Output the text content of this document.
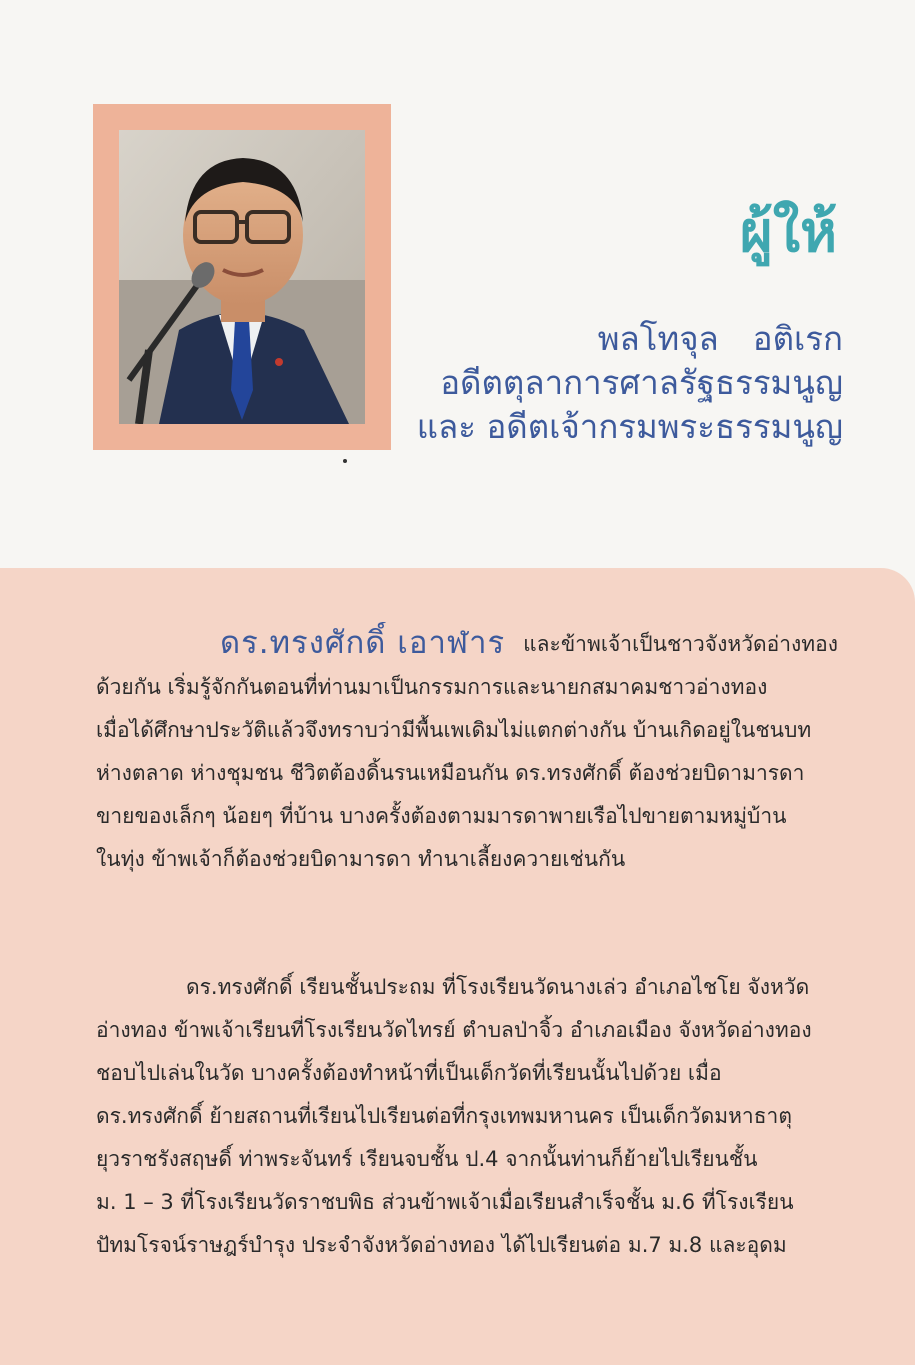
ผู้ให้
พลโทจุล อติเรก
อดีตตุลาการศาลรัฐธรรมนูญ
และ อดีตเจ้ากรมพระธรรมนูญ
ดร.ทรงศักดิ์ เอาฬาร และข้าพเจ้าเป็นชาวจังหวัดอ่างทอง
ด้วยกัน เริ่มรู้จักกันตอนที่ท่านมาเป็นกรรมการและนายกสมาคมชาวอ่างทอง
เมื่อได้ศึกษาประวัติแล้วจึงทราบว่ามีพื้นเพเดิมไม่แตกต่างกัน บ้านเกิดอยู่ในชนบท
ห่างตลาด ห่างชุมชน ชีวิตต้องดิ้นรนเหมือนกัน ดร.ทรงศักดิ์ ต้องช่วยบิดามารดา
ขายของเล็กๆ น้อยๆ ที่บ้าน บางครั้งต้องตามมารดาพายเรือไปขายตามหมู่บ้าน
ในทุ่ง ข้าพเจ้าก็ต้องช่วยบิดามารดา ทำนาเลี้ยงควายเช่นกัน
ดร.ทรงศักดิ์ เรียนชั้นประถม ที่โรงเรียนวัดนางเล่ว อำเภอไชโย จังหวัด
อ่างทอง ข้าพเจ้าเรียนที่โรงเรียนวัดไทรย์ ตำบลป่าจิ้ว อำเภอเมือง จังหวัดอ่างทอง
ชอบไปเล่นในวัด บางครั้งต้องทำหน้าที่เป็นเด็กวัดที่เรียนนั้นไปด้วย เมื่อ
ดร.ทรงศักดิ์ ย้ายสถานที่เรียนไปเรียนต่อที่กรุงเทพมหานคร เป็นเด็กวัดมหาธาตุ
ยุวราชรังสฤษดิ์ ท่าพระจันทร์ เรียนจบชั้น ป.4 จากนั้นท่านก็ย้ายไปเรียนชั้น
ม. 1 – 3 ที่โรงเรียนวัดราชบพิธ ส่วนข้าพเจ้าเมื่อเรียนสำเร็จชั้น ม.6 ที่โรงเรียน
ปัทมโรจน์ราษฎร์บำรุง ประจำจังหวัดอ่างทอง ได้ไปเรียนต่อ ม.7 ม.8 และอุดม
